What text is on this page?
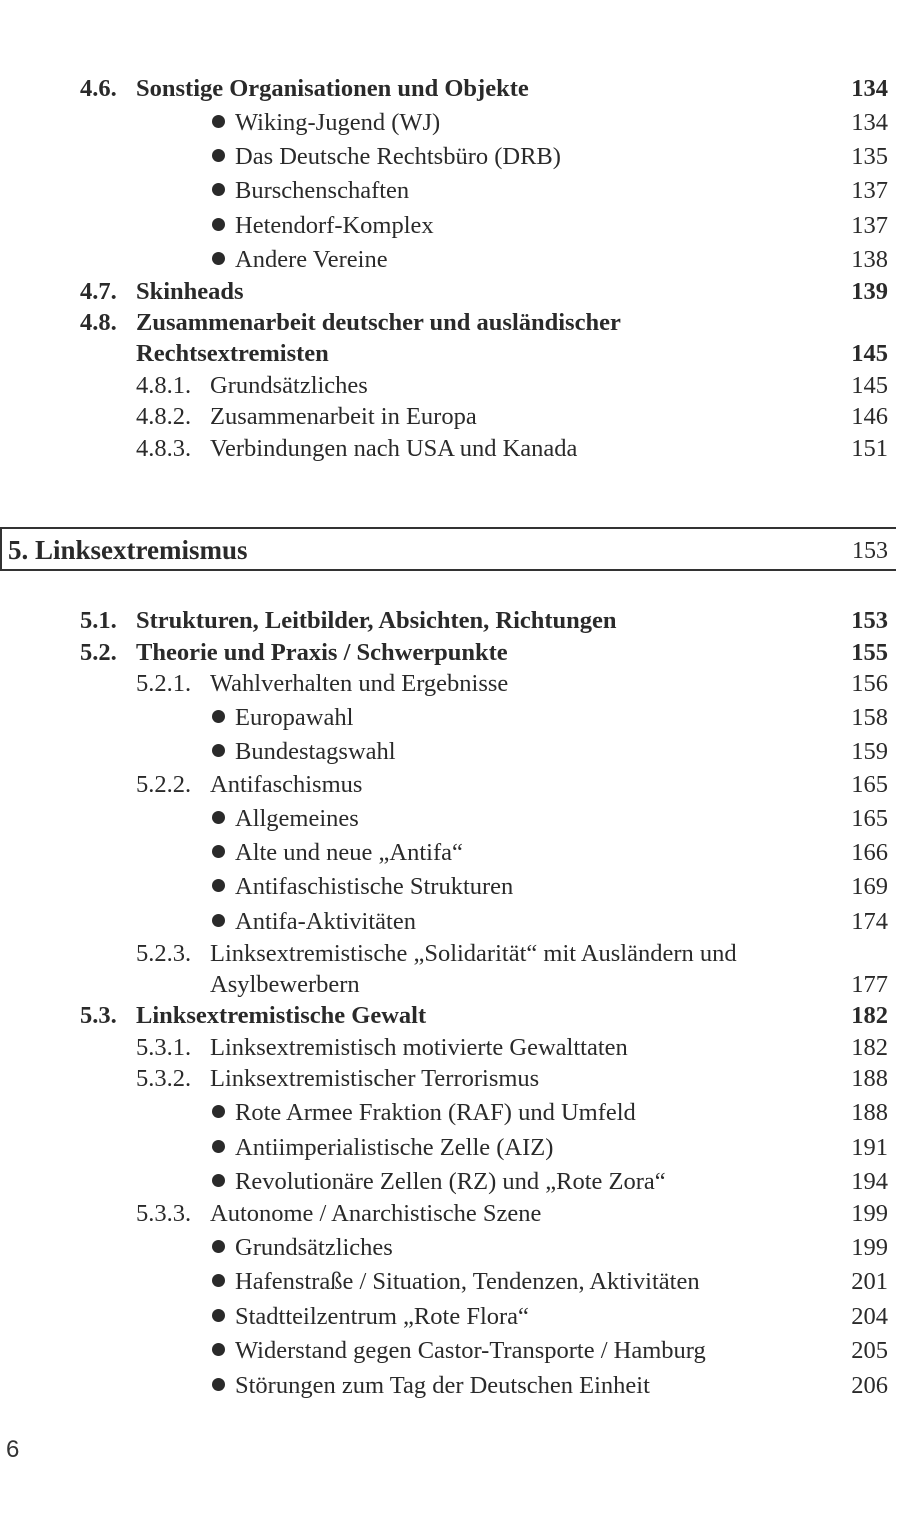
4.6. Sonstige Organisationen und Objekte	134
Wiking-Jugend (WJ)	134
Das Deutsche Rechtsbüro (DRB)	135
Burschenschaften	137
Hetendorf-Komplex	137
Andere Vereine	138
4.7. Skinheads	139
4.8. Zusammenarbeit deutscher und ausländischer
Rechtsextremisten	145
4.8.1. Grundsätzliches	145
4.8.2. Zusammenarbeit in Europa	146
4.8.3. Verbindungen nach USA und Kanada	151
5. Linksextremismus	153
5.1. Strukturen, Leitbilder, Absichten, Richtungen	153
5.2. Theorie und Praxis / Schwerpunkte	155
5.2.1. Wahlverhalten und Ergebnisse	156
Europawahl	158
Bundestagswahl	159
5.2.2. Antifaschismus	165
Allgemeines	165
Alte und neue „Antifa“	166
Antifaschistische Strukturen	169
Antifa-Aktivitäten	174
5.2.3. Linksextremistische „Solidarität“ mit Ausländern und
Asylbewerbern	177
5.3. Linksextremistische Gewalt	182
5.3.1. Linksextremistisch motivierte Gewalttaten	182
5.3.2. Linksextremistischer Terrorismus	188
Rote Armee Fraktion (RAF) und Umfeld	188
Antiimperialistische Zelle (AIZ)	191
Revolutionäre Zellen (RZ) und „Rote Zora“	194
5.3.3. Autonome / Anarchistische Szene	199
Grundsätzliches	199
Hafenstraße / Situation, Tendenzen, Aktivitäten	201
Stadtteilzentrum „Rote Flora“	204
Widerstand gegen Castor-Transporte / Hamburg	205
Störungen zum Tag der Deutschen Einheit	206
6
